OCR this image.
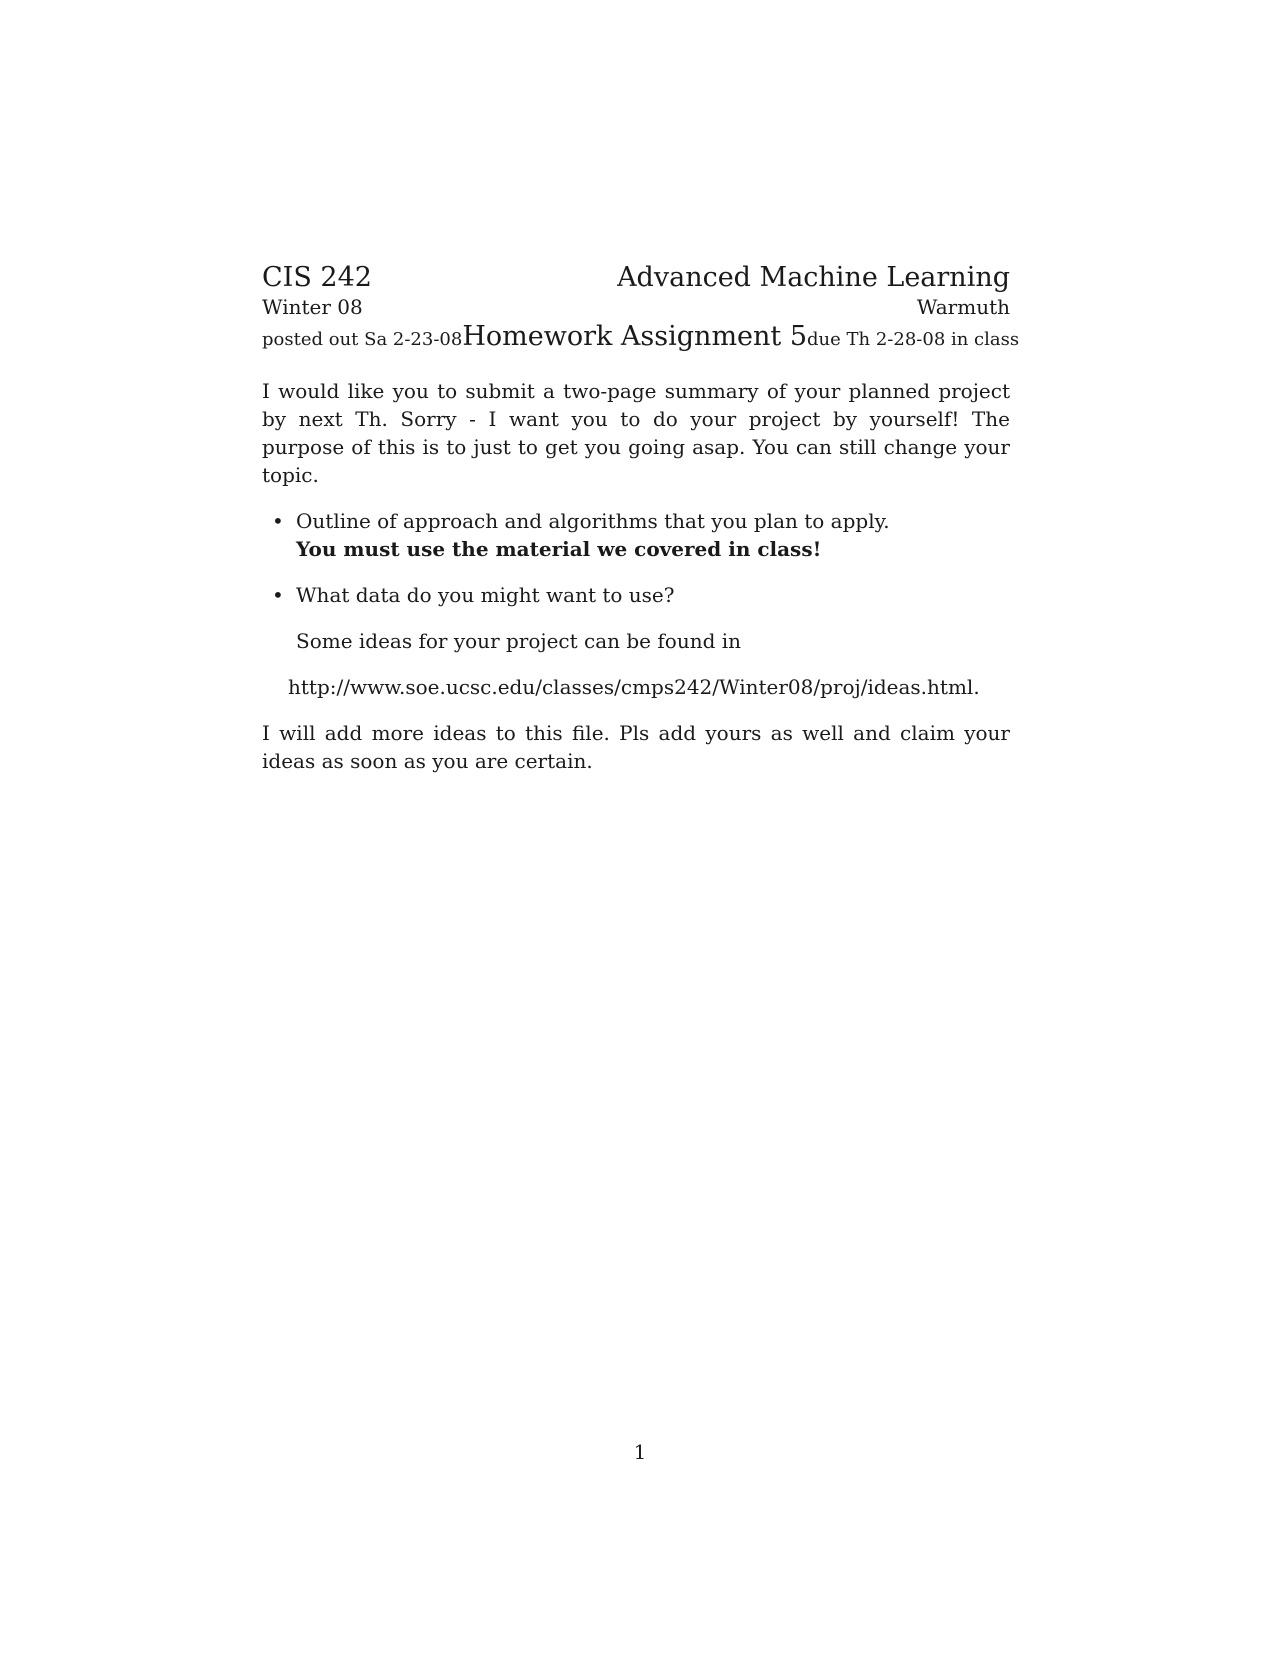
CIS 242	Advanced Machine Learning
Winter 08	Warmuth
posted out Sa 2-23-08 Homework Assignment 5 due Th 2-28-08 in class

I would like you to submit a two-page summary of your planned project by next Th. Sorry - I want you to do your project by yourself! The purpose of this is to just to get you going asap. You can still change your topic.

• Outline of approach and algorithms that you plan to apply.
You must use the material we covered in class!
• What data do you might want to use?

Some ideas for your project can be found in

http://www.soe.ucsc.edu/classes/cmps242/Winter08/proj/ideas.html.

I will add more ideas to this file. Pls add yours as well and claim your ideas as soon as you are certain.

1
